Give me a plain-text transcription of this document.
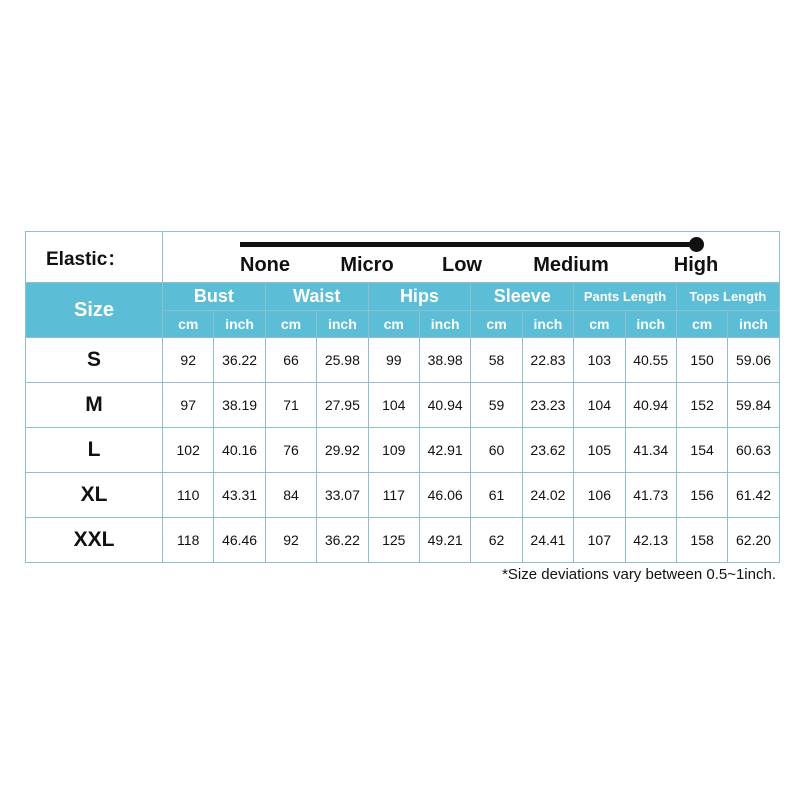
Elastic：	None Micro Low Medium High											

Size	Bust		Waist		Hips		Sleeve		Pants Length		Tops Length	
	cm	inch	cm	inch	cm	inch	cm	inch	cm	inch	cm	inch
S	92	36.22	66	25.98	99	38.98	58	22.83	103	40.55	150	59.06
M	97	38.19	71	27.95	104	40.94	59	23.23	104	40.94	152	59.84
L	102	40.16	76	29.92	109	42.91	60	23.62	105	41.34	154	60.63
XL	110	43.31	84	33.07	117	46.06	61	24.02	106	41.73	156	61.42
XXL	118	46.46	92	36.22	125	49.21	62	24.41	107	42.13	158	62.20
*Size deviations vary between 0.5~1inch.
